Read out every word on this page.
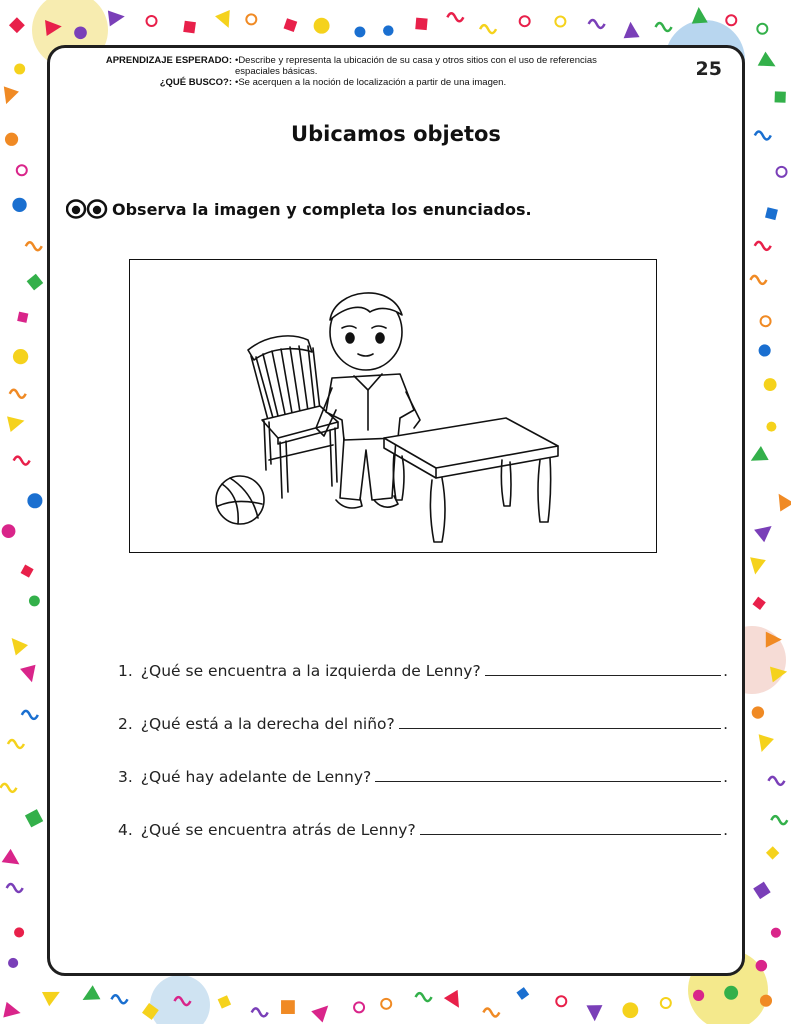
APRENDIZAJE ESPERADO: •Describe y representa la ubicación de su casa y otros sitios con el uso de referencias espaciales básicas.
¿QUÉ BUSCO?: •Se acerquen a la noción de localización a partir de una imagen.
25
Ubicamos objetos
Observa la imagen y completa los enunciados.
1. ¿Qué se encuentra a la izquierda de Lenny?	.
2. ¿Qué está a la derecha del niño?	.
3. ¿Qué hay adelante de Lenny?	.
4. ¿Qué se encuentra atrás de Lenny?	.
